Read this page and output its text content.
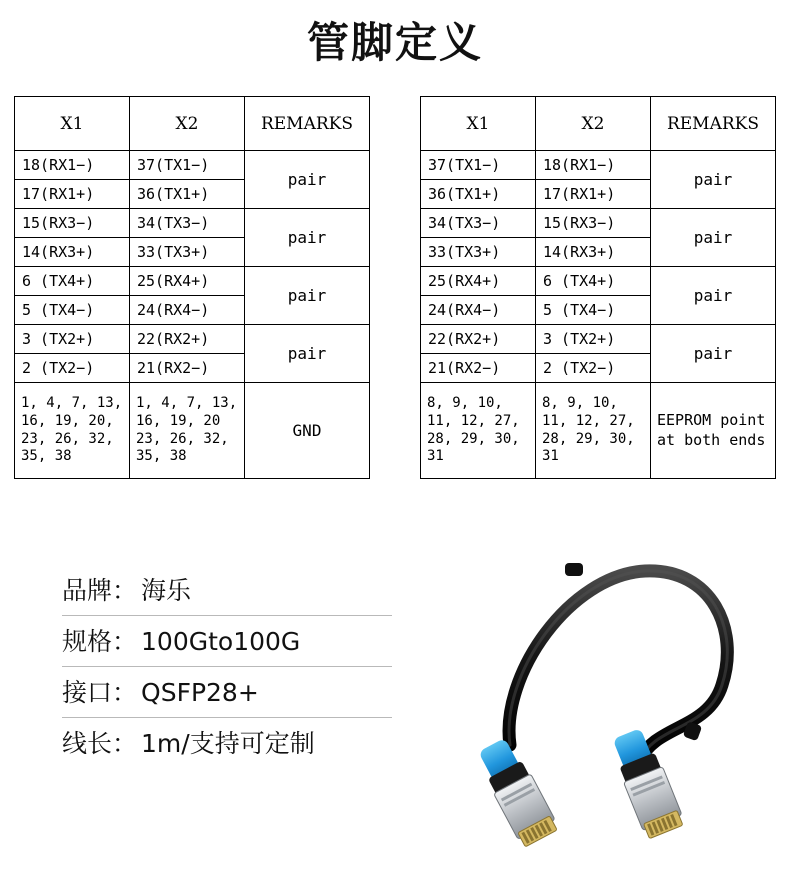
管脚定义
X1	X2	REMARKS
18(RX1−)	37(TX1−)	pair
17(RX1+)	36(TX1+)	
15(RX3−)	34(TX3−)	pair
14(RX3+)	33(TX3+)	
6 (TX4+)	25(RX4+)	pair
5 (TX4−)	24(RX4−)	
3 (TX2+)	22(RX2+)	pair
2 (TX2−)	21(RX2−)	
1, 4, 7, 13, 16, 19, 20, 23, 26, 32, 35, 38	1, 4, 7, 13, 16, 19, 20 23, 26, 32, 35, 38	GND
X1	X2	REMARKS
37(TX1−)	18(RX1−)	pair
36(TX1+)	17(RX1+)	
34(TX3−)	15(RX3−)	pair
33(TX3+)	14(RX3+)	
25(RX4+)	6 (TX4+)	pair
24(RX4−)	5 (TX4−)	
22(RX2+)	3 (TX2+)	pair
21(RX2−)	2 (TX2−)	
8, 9, 10, 11, 12, 27, 28, 29, 30, 31	8, 9, 10, 11, 12, 27, 28, 29, 30, 31	EEPROM point at both ends
品牌： 海乐
规格： 100Gto100G
接口： QSFP28+
线长： 1m/支持可定制
